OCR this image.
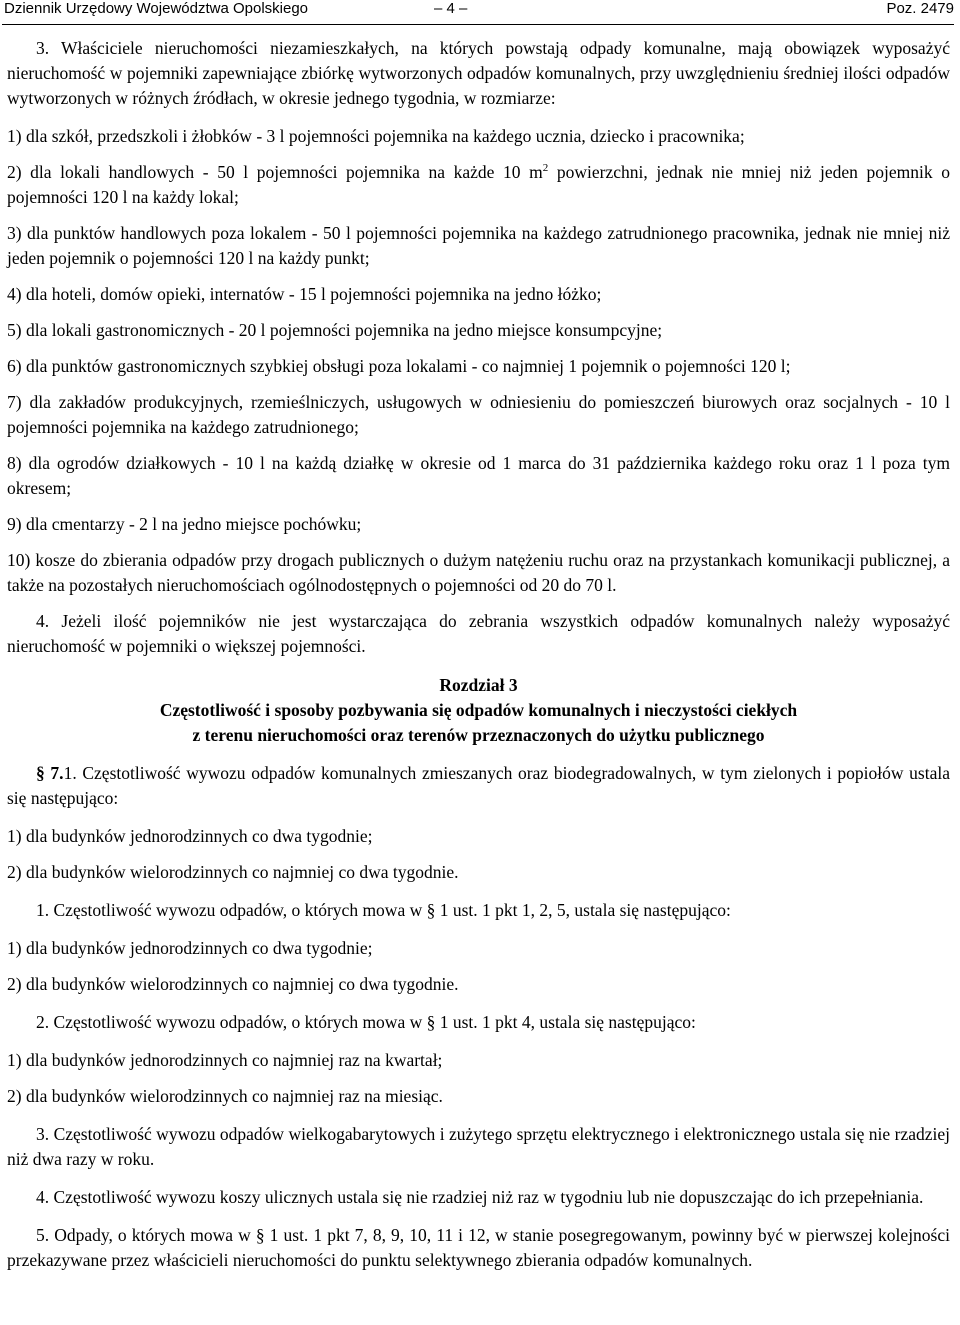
Dziennik Urzędowy Województwa Opolskiego	– 4 –	Poz. 2479

3. Właściciele nieruchomości niezamieszkałych, na których powstają odpady komunalne, mają obowiązek wyposażyć nieruchomość w pojemniki zapewniające zbiórkę wytworzonych odpadów komunalnych, przy uwzględnieniu średniej ilości odpadów wytworzonych w różnych źródłach, w okresie jednego tygodnia, w rozmiarze:

1) dla szkół, przedszkoli i żłobków - 3 l pojemności pojemnika na każdego ucznia, dziecko i pracownika;

2) dla lokali handlowych - 50 l pojemności pojemnika na każde 10 $m^2$ powierzchni, jednak nie mniej niż jeden pojemnik o pojemności 120 l na każdy lokal;

3) dla punktów handlowych poza lokalem - 50 l pojemności pojemnika na każdego zatrudnionego pracownika, jednak nie mniej niż jeden pojemnik o pojemności 120 l na każdy punkt;

4) dla hoteli, domów opieki, internatów - 15 l pojemności pojemnika na jedno łóżko;

5) dla lokali gastronomicznych - 20 l pojemności pojemnika na jedno miejsce konsumpcyjne;

6) dla punktów gastronomicznych szybkiej obsługi poza lokalami - co najmniej 1 pojemnik o pojemności 120 l;

7) dla zakładów produkcyjnych, rzemieślniczych, usługowych w odniesieniu do pomieszczeń biurowych oraz socjalnych - 10 l pojemności pojemnika na każdego zatrudnionego;

8) dla ogrodów działkowych - 10 l na każdą działkę w okresie od 1 marca do 31 października każdego roku oraz 1 l poza tym okresem;

9) dla cmentarzy - 2 l na jedno miejsce pochówku;

10) kosze do zbierania odpadów przy drogach publicznych o dużym natężeniu ruchu oraz na przystankach komunikacji publicznej, a także na pozostałych nieruchomościach ogólnodostępnych o pojemności od 20 do 70 l.

4. Jeżeli ilość pojemników nie jest wystarczająca do zebrania wszystkich odpadów komunalnych należy wyposażyć nieruchomość w pojemniki o większej pojemności.

Rozdział 3
Częstotliwość i sposoby pozbywania się odpadów komunalnych i nieczystości ciekłych
z terenu nieruchomości oraz terenów przeznaczonych do użytku publicznego

§ 7.1. Częstotliwość wywozu odpadów komunalnych zmieszanych oraz biodegradowalnych, w tym zielonych i popiołów ustala się następująco:

1) dla budynków jednorodzinnych co dwa tygodnie;

2) dla budynków wielorodzinnych co najmniej co dwa tygodnie.

1. Częstotliwość wywozu odpadów, o których mowa w § 1 ust. 1 pkt 1, 2, 5, ustala się następująco:

1) dla budynków jednorodzinnych co dwa tygodnie;

2) dla budynków wielorodzinnych co najmniej co dwa tygodnie.

2. Częstotliwość wywozu odpadów, o których mowa w § 1 ust. 1 pkt 4, ustala się następująco:

1) dla budynków jednorodzinnych co najmniej raz na kwartał;

2) dla budynków wielorodzinnych co najmniej raz na miesiąc.

3. Częstotliwość wywozu odpadów wielkogabarytowych i zużytego sprzętu elektrycznego i elektronicznego ustala się nie rzadziej niż dwa razy w roku.

4. Częstotliwość wywozu koszy ulicznych ustala się nie rzadziej niż raz w tygodniu lub nie dopuszczając do ich przepełniania.

5. Odpady, o których mowa w § 1 ust. 1 pkt 7, 8, 9, 10, 11 i 12, w stanie posegregowanym, powinny być w pierwszej kolejności przekazywane przez właścicieli nieruchomości do punktu selektywnego zbierania odpadów komunalnych.
